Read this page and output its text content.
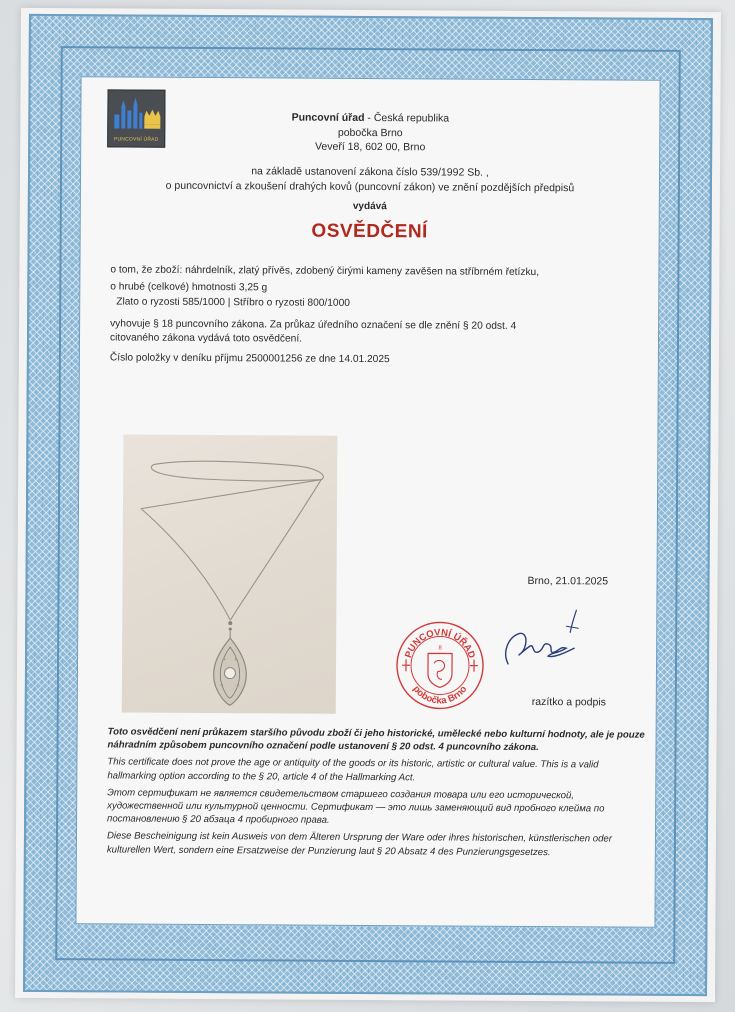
PUNCOVNÍ ÚŘAD
Puncovní úřad - Česká republika
pobočka Brno
Veveří 18, 602 00, Brno
na základě ustanovení zákona číslo 539/1992 Sb. ,
o puncovnictví a zkoušení drahých kovů (puncovní zákon) ve znění pozdějších předpisů
vydává
OSVĚDČENÍ
o tom, že zboží: náhrdelník, zlatý přívěs, zdobený čirými kameny zavěšen na stříbrném řetízku,
o hrubé (celkové) hmotnosti 3,25 g
Zlato o ryzosti 585/1000 | Stříbro o ryzosti 800/1000
vyhovuje § 18 puncovního zákona. Za průkaz úředního označení se dle znění § 20 odst. 4
citovaného zákona vydává toto osvědčení.
Číslo položky v deníku příjmu 2500001256 ze dne 14.01.2025
Brno, 21.01.2025
PUNCOVNÍ ÚŘAD
pobočka Brno
8
razítko a podpis

Toto osvědčení není průkazem staršího původu zboží či jeho historické, umělecké nebo kulturní hodnoty, ale je pouze náhradním způsobem puncovního označení podle ustanovení § 20 odst. 4 puncovního zákona.

This certificate does not prove the age or antiquity of the goods or its historic, artistic or cultural value. This is a valid hallmarking option according to the § 20, article 4 of the Hallmarking Act.

Этот сертификат не является свидетельством старшего создания товара или его исторической, художественной или культурной ценности. Сертификат — это лишь заменяющий вид пробного клейма по постановлению § 20 абзаца 4 пробирного права.

Diese Bescheinigung ist kein Ausweis von dem Älteren Ursprung der Ware oder ihres historischen, künstlerischen oder kulturellen Wert, sondern eine Ersatzweise der Punzierung laut § 20 Absatz 4 des Punzierungsgesetzes.
